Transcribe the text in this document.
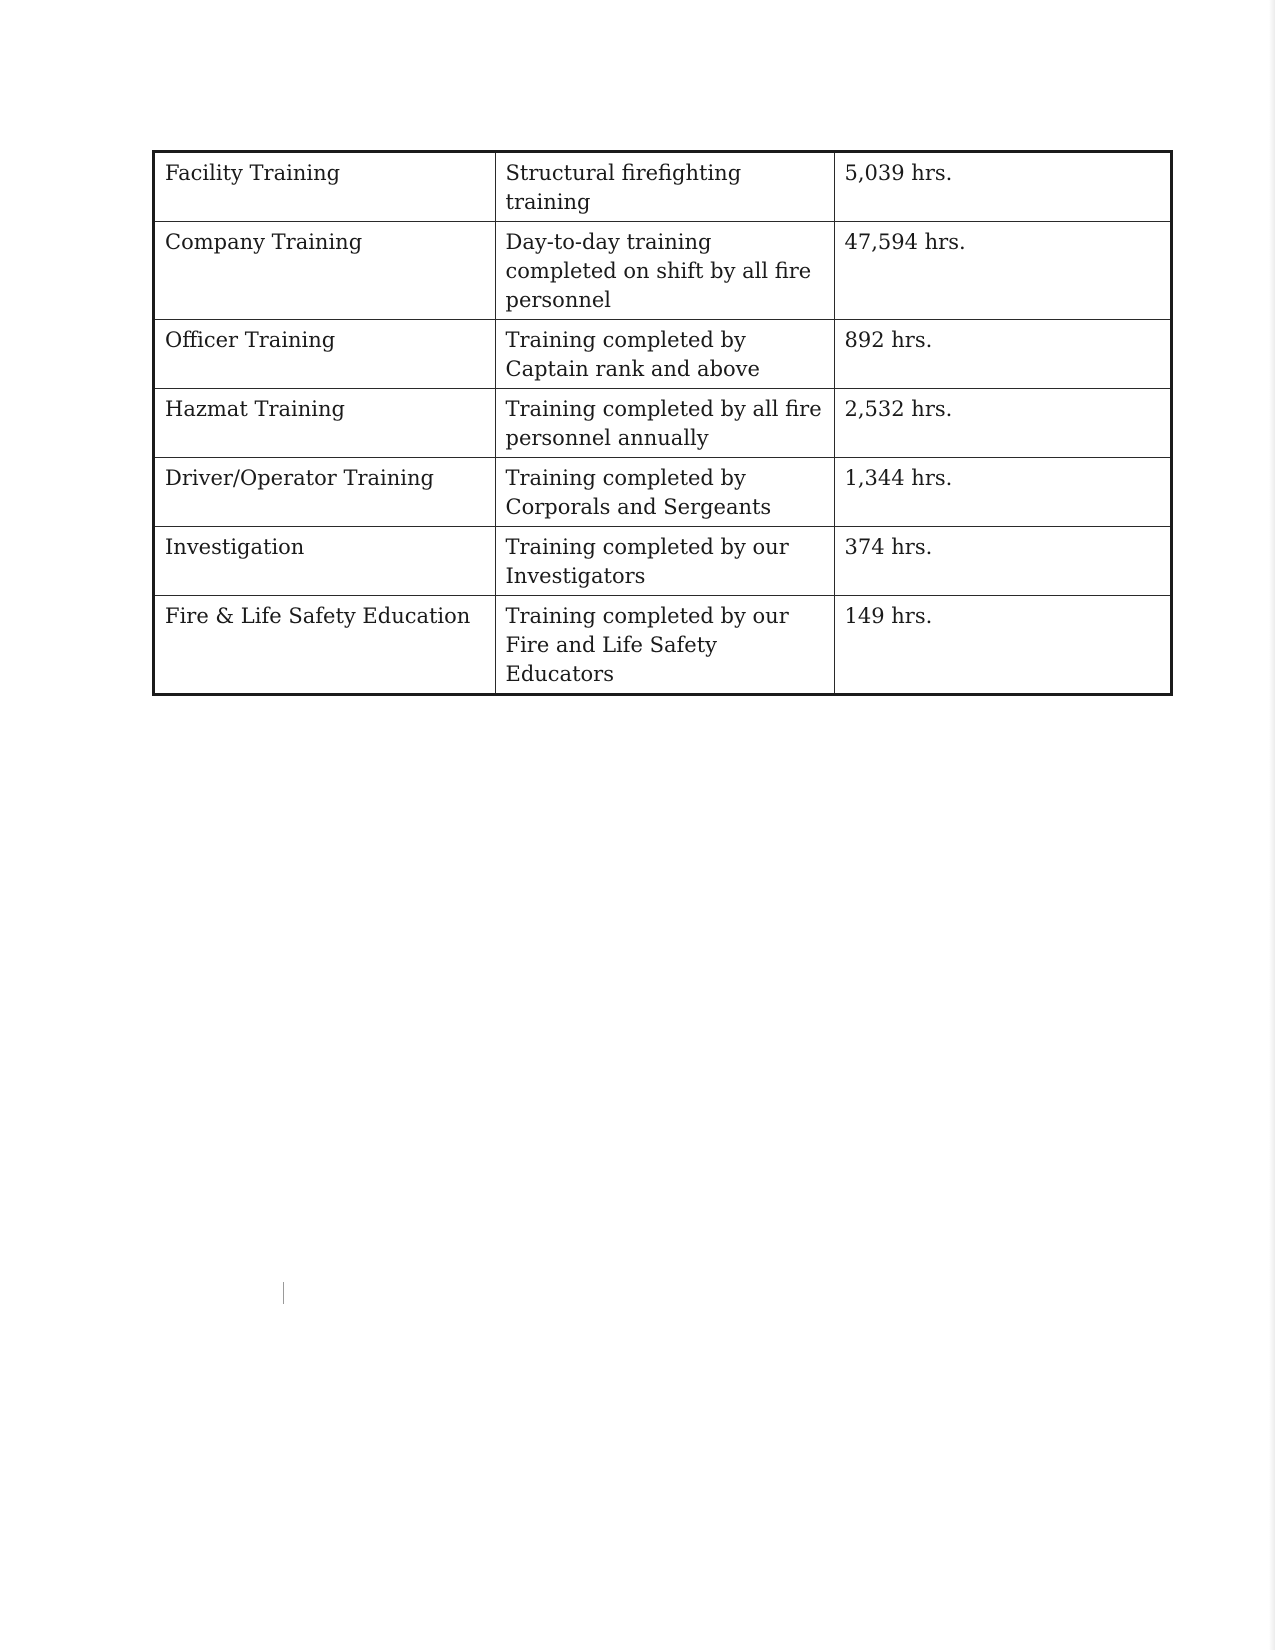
Facility Training	Structural firefighting training	5,039 hrs.
Company Training	Day-to-day training completed on shift by all fire personnel	47,594 hrs.
Officer Training	Training completed by Captain rank and above	892 hrs.
Hazmat Training	Training completed by all fire personnel annually	2,532 hrs.
Driver/Operator Training	Training completed by Corporals and Sergeants	1,344 hrs.
Investigation	Training completed by our Investigators	374 hrs.
Fire & Life Safety Education	Training completed by our Fire and Life Safety Educators	149 hrs.
